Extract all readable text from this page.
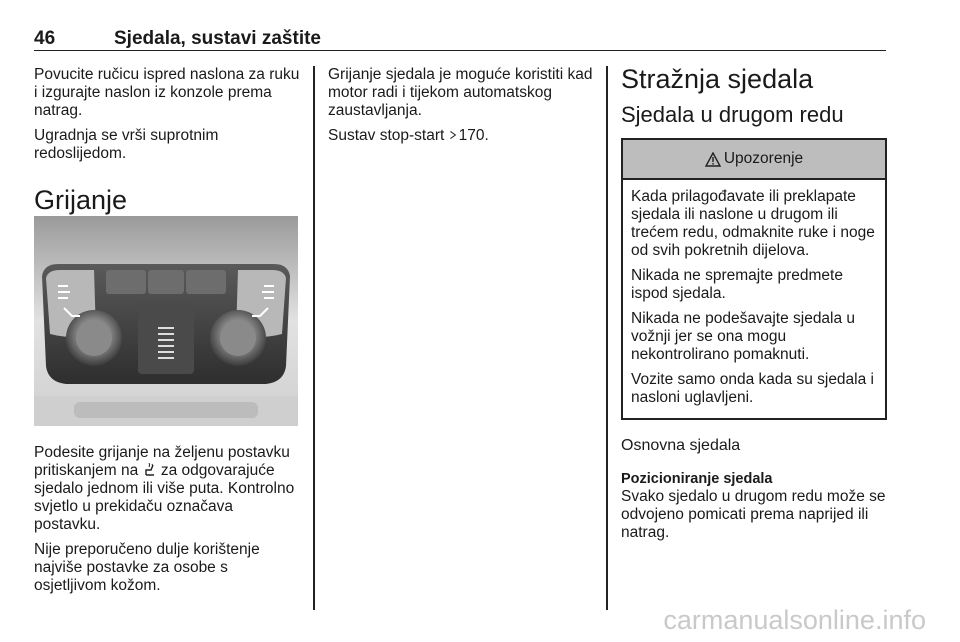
46	Sjedala, sustavi zaštite

Povucite ručicu ispred naslona za ruku i izgurajte naslon iz konzole prema natrag.

Ugradnja se vrši suprotnim redoslijedom.

Grijanje

Podesite grijanje na željenu postavku pritiskanjem na  za odgovarajuće sjedalo jednom ili više puta. Kontrolno svjetlo u prekidaču označava postavku.

Nije preporučeno dulje korištenje najviše postavke za osobe s osjetljivom kožom.

Grijanje sjedala je moguće koristiti kad motor radi i tijekom automatskog zaustavljanja.

Sustav stop-start 170.

Stražnja sjedala
Sjedala u drugom redu
Upozorenje

Kada prilagođavate ili preklapate sjedala ili naslone u drugom ili trećem redu, odmaknite ruke i noge od svih pokretnih dijelova.

Nikada ne spremajte predmete ispod sjedala.

Nikada ne podešavajte sjedala u vožnji jer se ona mogu nekontrolirano pomaknuti.

Vozite samo onda kada su sjedala i nasloni uglavljeni.

Osnovna sjedala

Pozicioniranje sjedala
Svako sjedalo u drugom redu može se odvojeno pomicati prema naprijed ili natrag.

carmanualsonline.info
